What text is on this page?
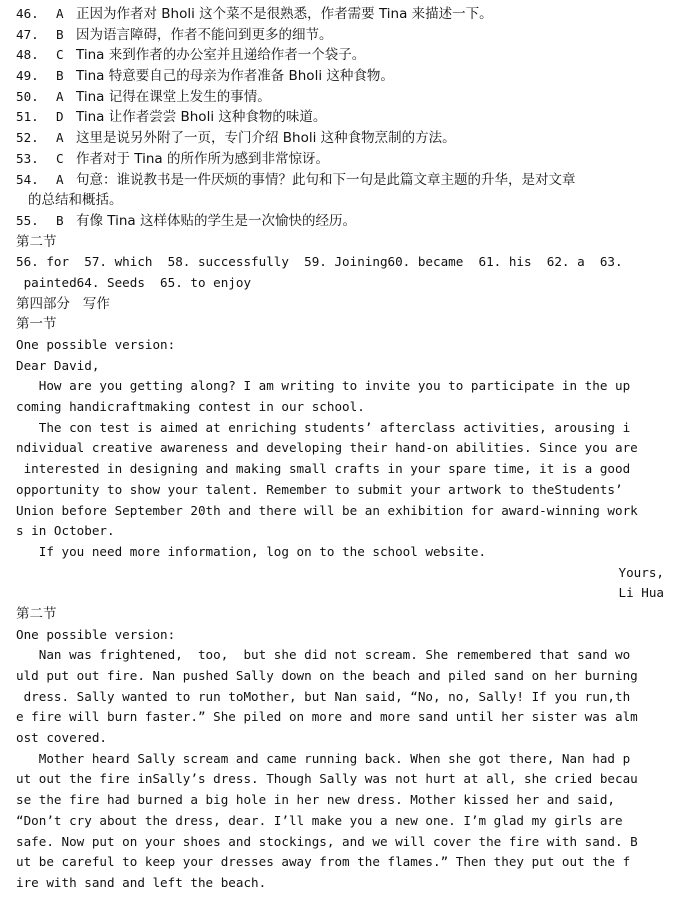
46. A 正因为作者对 Bholi 这个菜不是很熟悉，作者需要 Tina 来描述一下。
47. B 因为语言障碍，作者不能问到更多的细节。
48. C Tina 来到作者的办公室并且递给作者一个袋子。
49. B Tina 特意要自己的母亲为作者准备 Bholi 这种食物。
50. A Tina 记得在课堂上发生的事情。
51. D Tina 让作者尝尝 Bholi 这种食物的味道。
52. A 这里是说另外附了一页，专门介绍 Bholi 这种食物烹制的方法。
53. C 作者对于 Tina 的所作所为感到非常惊讶。
54. A 句意：谁说教书是一件厌烦的事情？此句和下一句是此篇文章主题的升华，是对文章
的总结和概括。
55. B 有像 Tina 这样体贴的学生是一次愉快的经历。
第二节
56. for  57. which  58. successfully  59. Joining60. became  61. his  62. a  63.
painted64. Seeds  65. to enjoy
第四部分   写作
第一节
One possible version:
Dear David,
How are you getting along? I am writing to invite you to participate in the up
coming handicraftmaking contest in our school.
The con test is aimed at enriching students’ afterclass activities, arousing i
ndividual creative awareness and developing their hand-on abilities. Since you are
interested in designing and making small crafts in your spare time, it is a good
opportunity to show your talent. Remember to submit your artwork to theStudents’
Union before September 20th and there will be an exhibition for award-winning work
s in October.
If you need more information, log on to the school website.
Yours,
Li Hua
第二节
One possible version:
Nan was frightened,  too,  but she did not scream. She remembered that sand wo
uld put out fire. Nan pushed Sally down on the beach and piled sand on her burning
dress. Sally wanted to run toMother, but Nan said, “No, no, Sally! If you run,th
e fire will burn faster.” She piled on more and more sand until her sister was alm
ost covered.
Mother heard Sally scream and came running back. When she got there, Nan had p
ut out the fire inSally’s dress. Though Sally was not hurt at all, she cried becau
se the fire had burned a big hole in her new dress. Mother kissed her and said,
“Don’t cry about the dress, dear. I’ll make you a new one. I’m glad my girls are
safe. Now put on your shoes and stockings, and we will cover the fire with sand. B
ut be careful to keep your dresses away from the flames.” Then they put out the f
ire with sand and left the beach.
